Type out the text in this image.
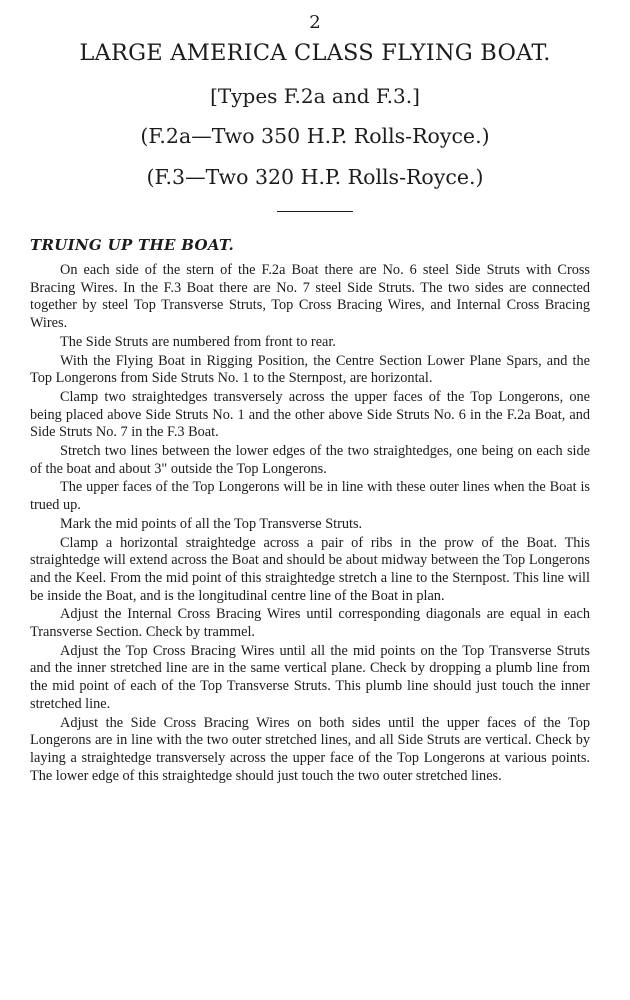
2
LARGE AMERICA CLASS FLYING BOAT.
[Types F.2a and F.3.]
(F.2a—Two 350 H.P. Rolls-Royce.)
(F.3—Two 320 H.P. Rolls-Royce.)
TRUING UP THE BOAT.

On each side of the stern of the F.2a Boat there are No. 6 steel Side Struts with Cross Bracing Wires. In the F.3 Boat there are No. 7 steel Side Struts. The two sides are connected together by steel Top Transverse Struts, Top Cross Bracing Wires, and Internal Cross Bracing Wires.

The Side Struts are numbered from front to rear.

With the Flying Boat in Rigging Position, the Centre Section Lower Plane Spars, and the Top Longerons from Side Struts No. 1 to the Sternpost, are horizontal.

Clamp two straightedges transversely across the upper faces of the Top Longerons, one being placed above Side Struts No. 1 and the other above Side Struts No. 6 in the F.2a Boat, and Side Struts No. 7 in the F.3 Boat.

Stretch two lines between the lower edges of the two straightedges, one being on each side of the boat and about 3" outside the Top Longerons.

The upper faces of the Top Longerons will be in line with these outer lines when the Boat is trued up.

Mark the mid points of all the Top Transverse Struts.

Clamp a horizontal straightedge across a pair of ribs in the prow of the Boat. This straightedge will extend across the Boat and should be about midway between the Top Longerons and the Keel. From the mid point of this straightedge stretch a line to the Sternpost. This line will be inside the Boat, and is the longitudinal centre line of the Boat in plan.

Adjust the Internal Cross Bracing Wires until corresponding diagonals are equal in each Transverse Section. Check by trammel.

Adjust the Top Cross Bracing Wires until all the mid points on the Top Transverse Struts and the inner stretched line are in the same vertical plane. Check by dropping a plumb line from the mid point of each of the Top Transverse Struts. This plumb line should just touch the inner stretched line.

Adjust the Side Cross Bracing Wires on both sides until the upper faces of the Top Longerons are in line with the two outer stretched lines, and all Side Struts are vertical. Check by laying a straightedge transversely across the upper face of the Top Longerons at various points. The lower edge of this straightedge should just touch the two outer stretched lines.
